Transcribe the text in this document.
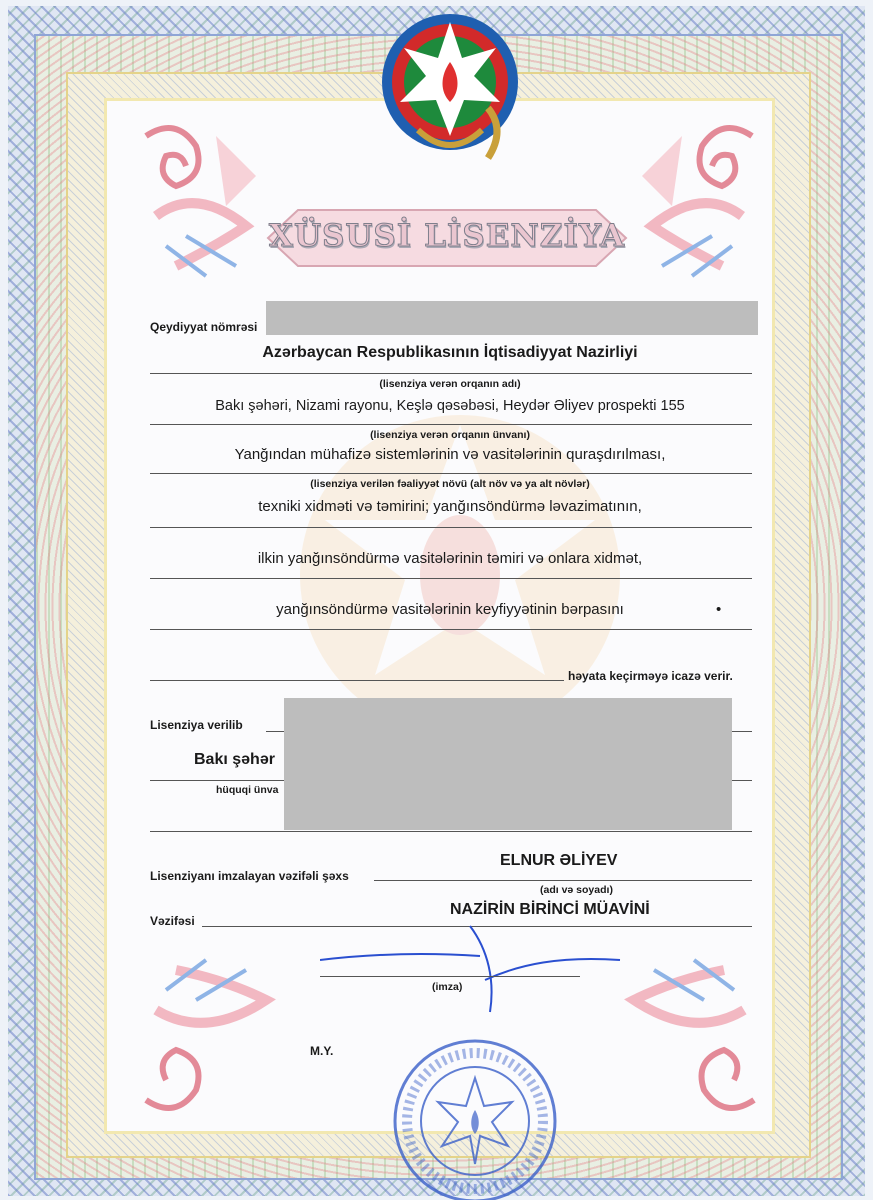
XÜSUSİ LİSENZİYA
Qeydiyyat nömrəsi
Azərbaycan Respublikasının İqtisadiyyat Nazirliyi
(lisenziya verən orqanın adı)
Bakı şəhəri, Nizami rayonu, Keşlə qəsəbəsi, Heydər Əliyev prospekti 155
(lisenziya verən orqanın ünvanı)
Yanğından mühafizə sistemlərinin və vasitələrinin quraşdırılması,
(lisenziya verilən fəaliyyət növü (alt növ və ya alt növlər)
texniki xidməti və təmirini; yanğınsöndürmə ləvazimatının,
ilkin yanğınsöndürmə vasitələrinin təmiri və onlara xidmət,
yanğınsöndürmə vasitələrinin keyfiyyətinin bərpasını	•
həyata keçirməyə icazə verir.
Lisenziya verilib
Bakı şəhər
hüquqi ünva
ELNUR ƏLİYEV
Lisenziyanı imzalayan vəzifəli şəxs
(adı və soyadı)
NAZİRİN BİRİNCİ MÜAVİNİ
Vəzifəsi
(imza)
M.Y.
